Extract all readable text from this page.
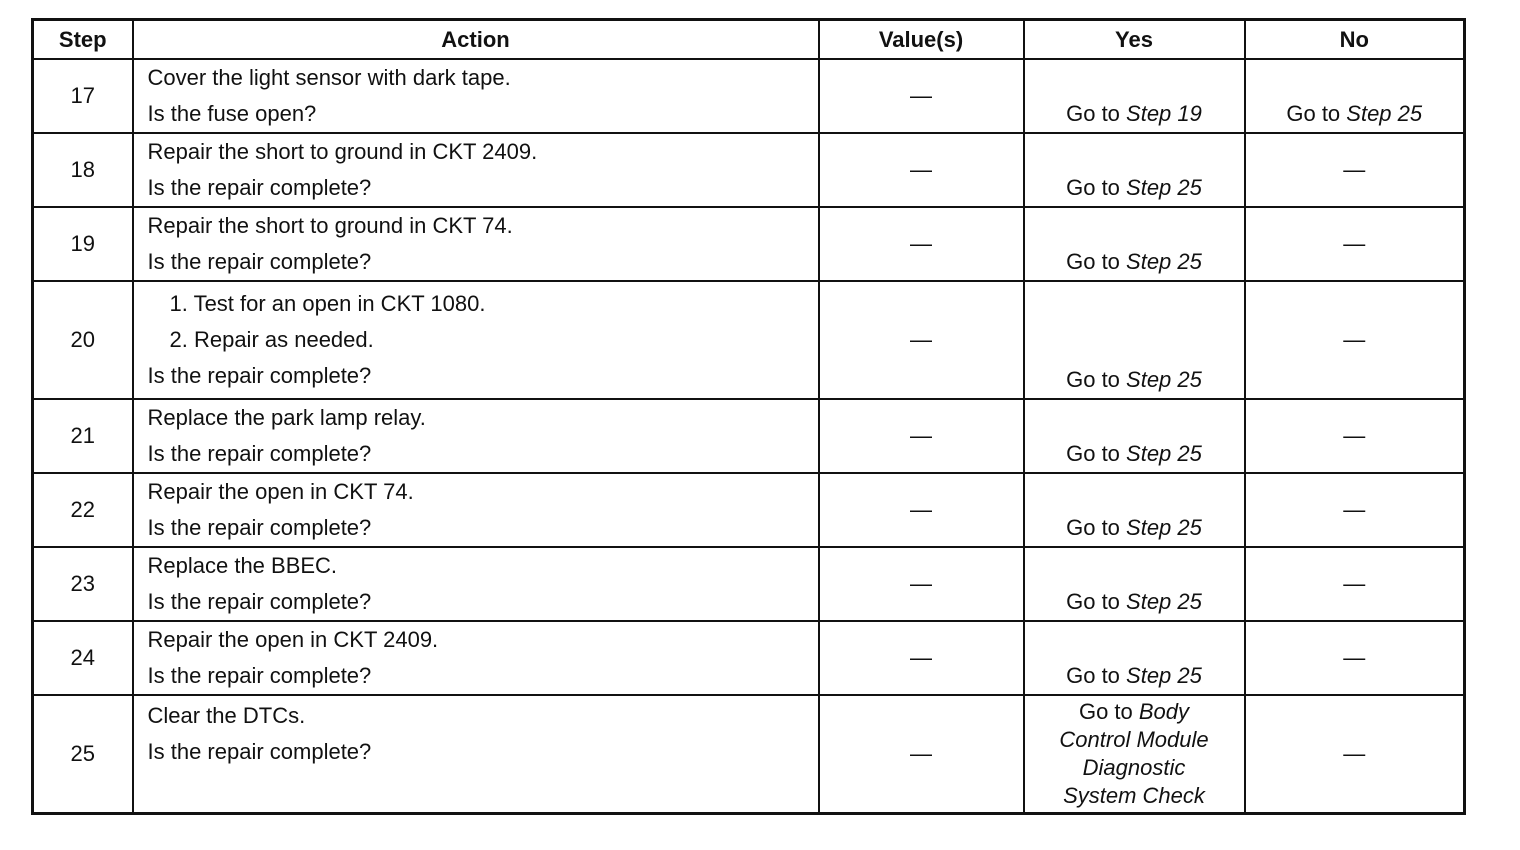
Step	Action	Value(s)	Yes	No
17	Cover the light sensor with dark tape.
Is the fuse open?	—	Go to Step 19	Go to Step 25
18	Repair the short to ground in CKT 2409.
Is the repair complete?	—	Go to Step 25	—
19	Repair the short to ground in CKT 74.
Is the repair complete?	—	Go to Step 25	—
20	1. Test for an open in CKT 1080.
2. Repair as needed.
Is the repair complete?	—	Go to Step 25	—
21	Replace the park lamp relay.
Is the repair complete?	—	Go to Step 25	—
22	Repair the open in CKT 74.
Is the repair complete?	—	Go to Step 25	—
23	Replace the BBEC.
Is the repair complete?	—	Go to Step 25	—
24	Repair the open in CKT 2409.
Is the repair complete?	—	Go to Step 25	—
25	Clear the DTCs.
Is the repair complete?	—	Go to Body
Control Module
Diagnostic
System Check	—
